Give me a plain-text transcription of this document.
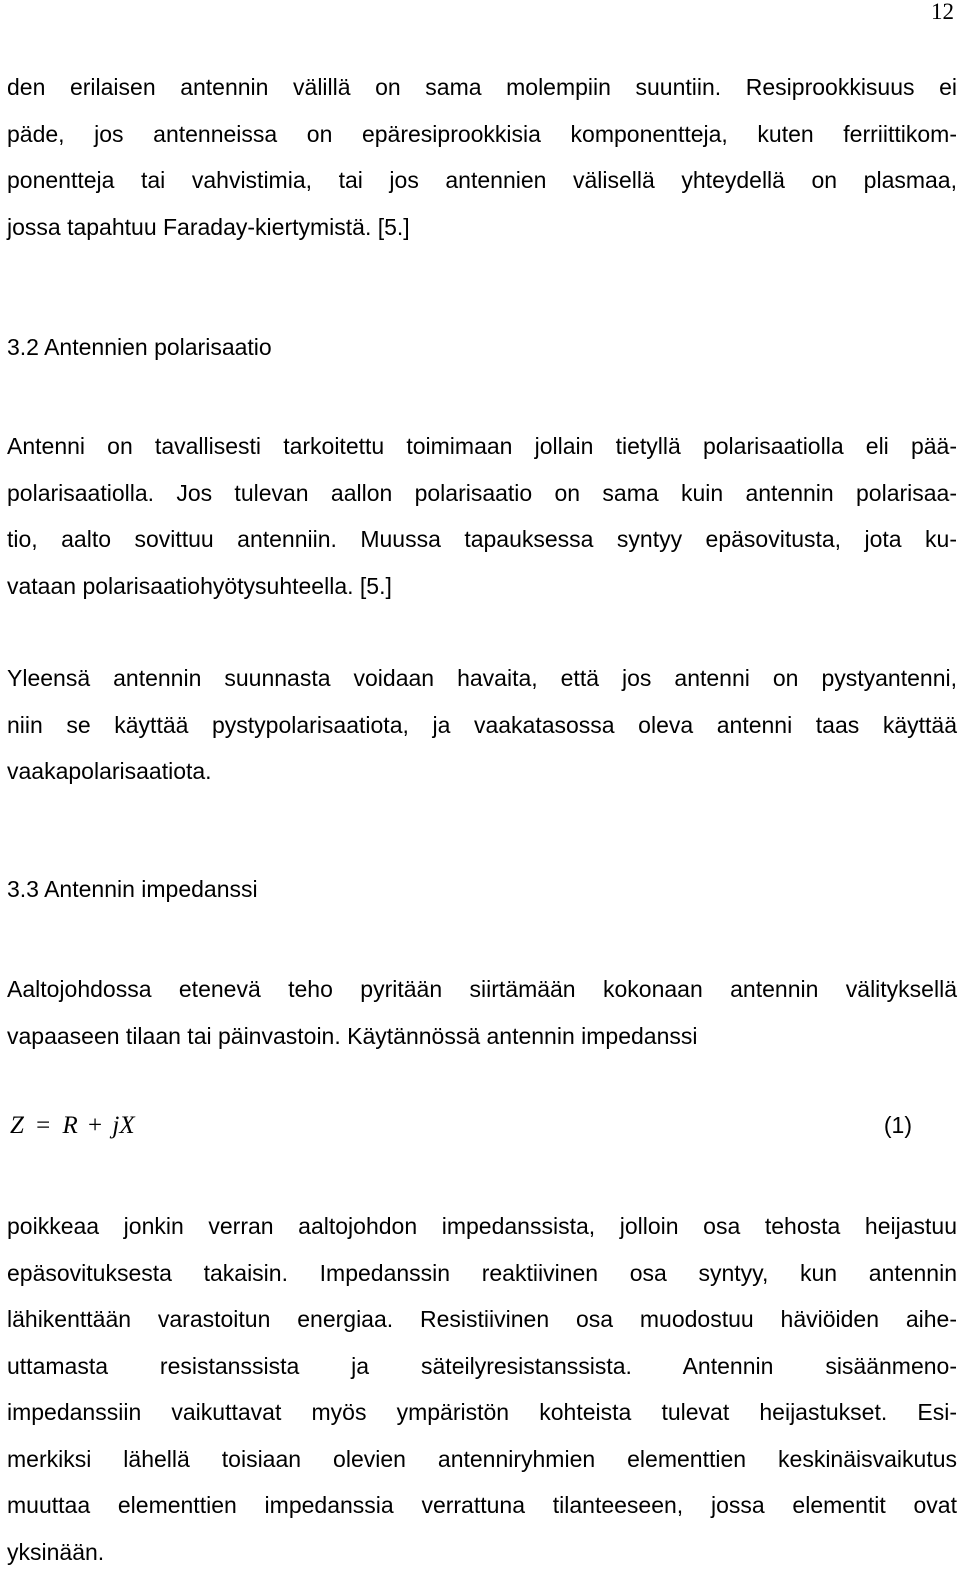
12

den erilaisen antennin välillä on sama molempiin suuntiin. Resiprookkisuus ei
päde, jos antenneissa on epäresiprookkisia komponentteja, kuten ferriittikom-
ponentteja tai vahvistimia, tai jos antennien välisellä yhteydellä on plasmaa,
jossa tapahtuu Faraday-kiertymistä. [5.]

3.2 Antennien polarisaatio

Antenni on tavallisesti tarkoitettu toimimaan jollain tietyllä polarisaatiolla eli pää-
polarisaatiolla. Jos tulevan aallon polarisaatio on sama kuin antennin polarisaa-
tio, aalto sovittuu antenniin. Muussa tapauksessa syntyy epäsovitusta, jota ku-
vataan polarisaatiohyötysuhteella. [5.]

Yleensä antennin suunnasta voidaan havaita, että jos antenni on pystyantenni,
niin se käyttää pystypolarisaatiota, ja vaakatasossa oleva antenni taas käyttää
vaakapolarisaatiota.

3.3 Antennin impedanssi

Aaltojohdossa etenevä teho pyritään siirtämään kokonaan antennin välityksellä
vapaaseen tilaan tai päinvastoin. Käytännössä antennin impedanssi

Z = R + jX	(1)

poikkeaa jonkin verran aaltojohdon impedanssista, jolloin osa tehosta heijastuu
epäsovituksesta takaisin. Impedanssin reaktiivinen osa syntyy, kun antennin
lähikenttään varastoitun energiaa. Resistiivinen osa muodostuu häviöiden aihe-
uttamasta resistanssista ja säteilyresistanssista. Antennin sisäänmeno-
impedanssiin vaikuttavat myös ympäristön kohteista tulevat heijastukset. Esi-
merkiksi lähellä toisiaan olevien antenniryhmien elementtien keskinäisvaikutus
muuttaa elementtien impedanssia verrattuna tilanteeseen, jossa elementit ovat
yksinään.
